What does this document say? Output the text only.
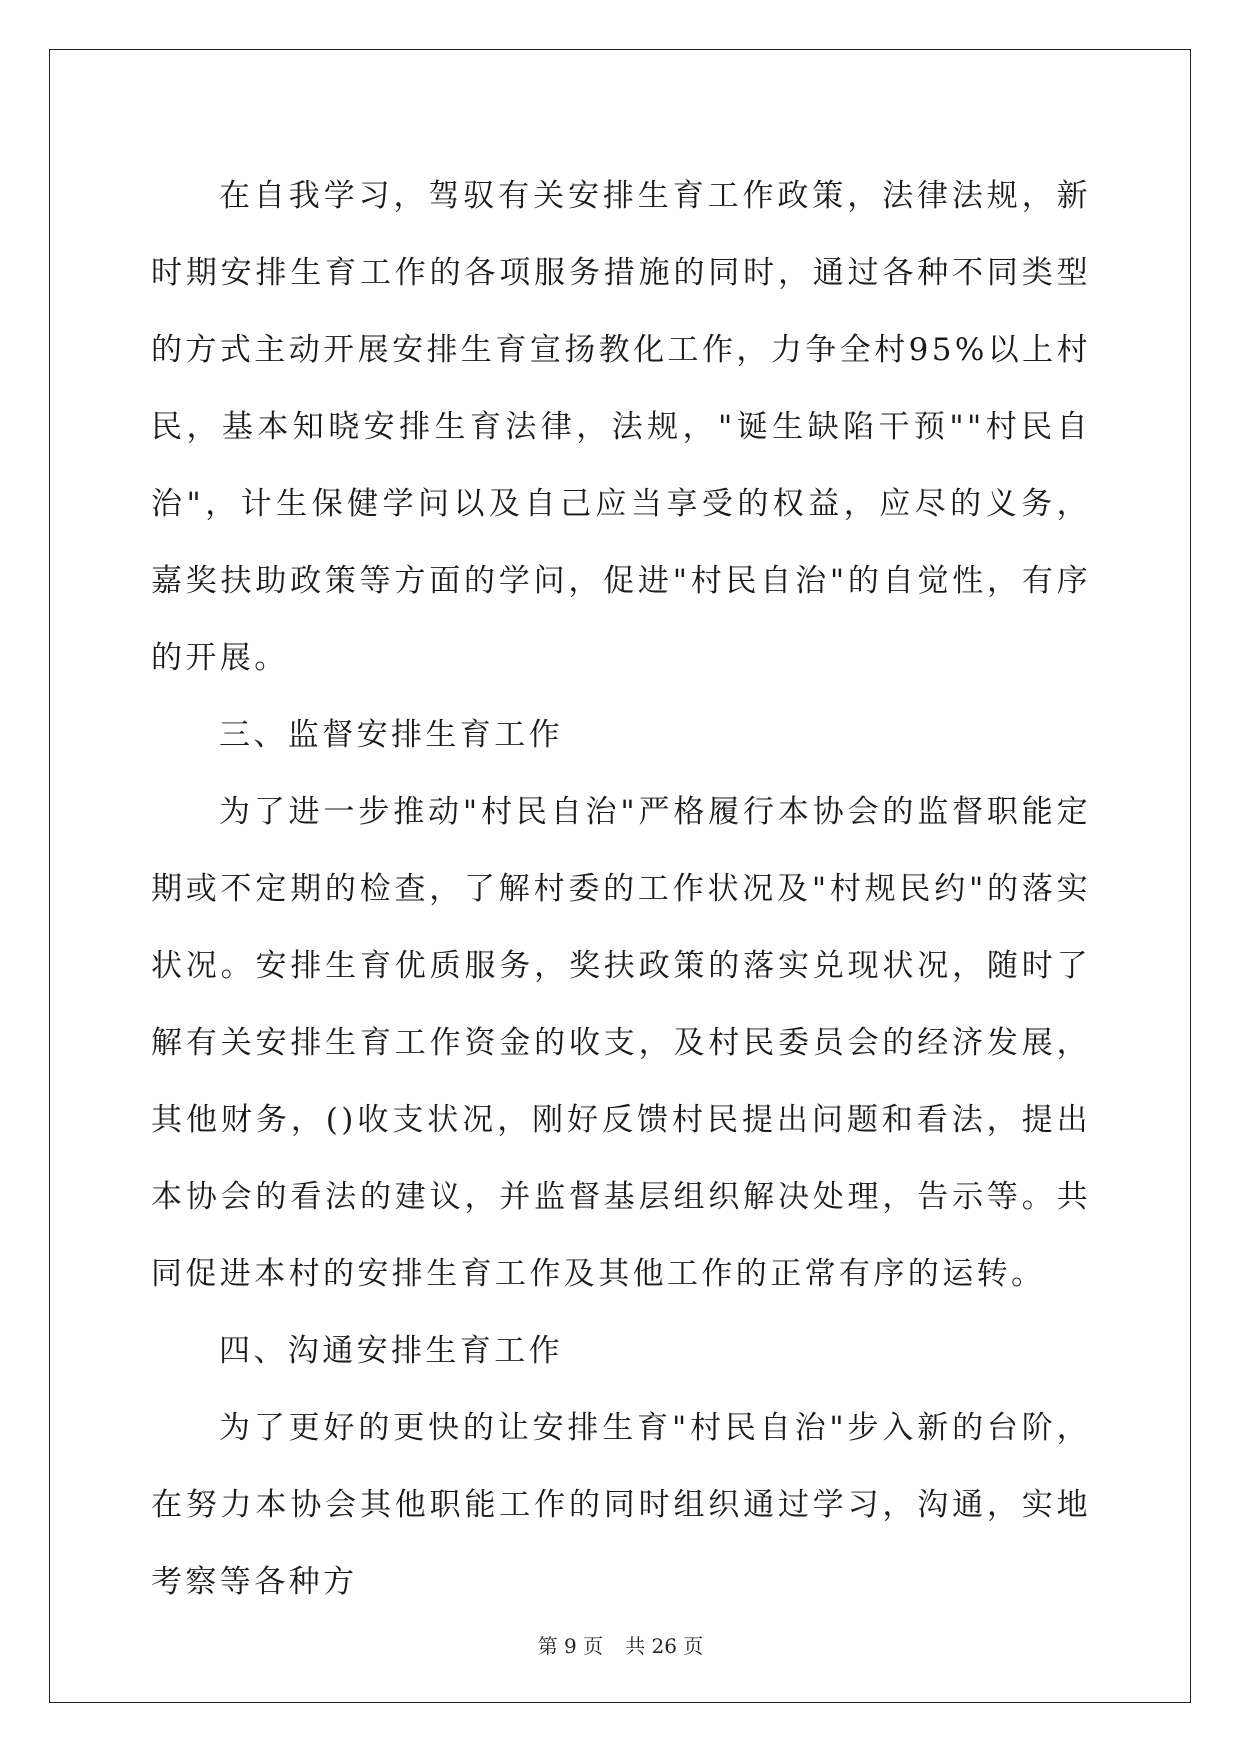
在自我学习，驾驭有关安排生育工作政策，法律法规，新时期安排生育工作的各项服务措施的同时，通过各种不同类型的方式主动开展安排生育宣扬教化工作，力争全村95%以上村民，基本知晓安排生育法律，法规，"诞生缺陷干预""村民自治"，计生保健学问以及自己应当享受的权益，应尽的义务，嘉奖扶助政策等方面的学问，促进"村民自治"的自觉性，有序的开展。

三、监督安排生育工作

为了进一步推动"村民自治"严格履行本协会的监督职能定期或不定期的检查，了解村委的工作状况及"村规民约"的落实状况。安排生育优质服务，奖扶政策的落实兑现状况，随时了解有关安排生育工作资金的收支，及村民委员会的经济发展，其他财务，()收支状况，刚好反馈村民提出问题和看法，提出本协会的看法的建议，并监督基层组织解决处理，告示等。共同促进本村的安排生育工作及其他工作的正常有序的运转。

四、沟通安排生育工作

为了更好的更快的让安排生育"村民自治"步入新的台阶，在努力本协会其他职能工作的同时组织通过学习，沟通，实地考察等各种方

第 9 页 共 26 页
